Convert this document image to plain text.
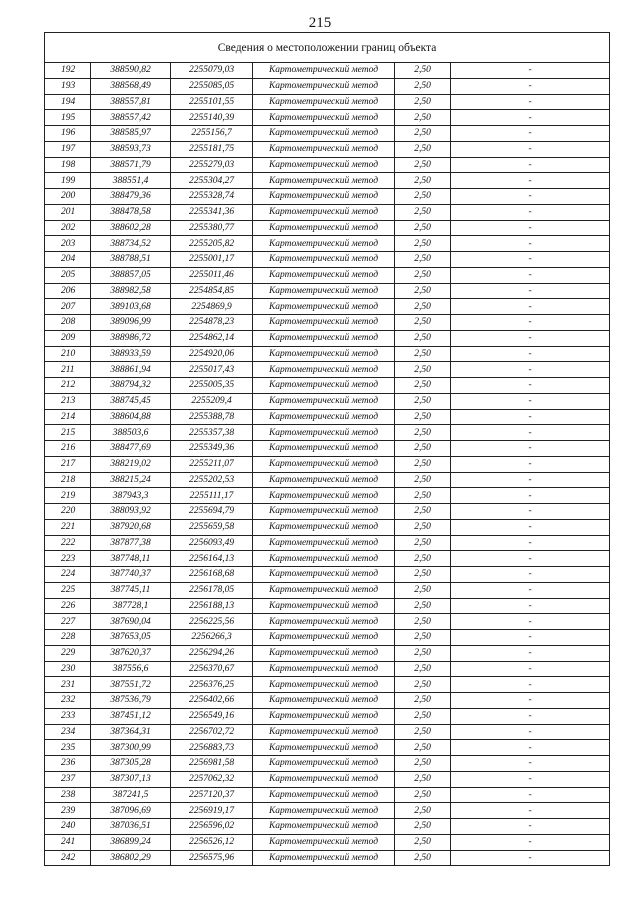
215
Сведения о местоположении границ объекта					
192	388590,82	2255079,03	Картометрический метод	2,50	-
193	388568,49	2255085,05	Картометрический метод	2,50	-
194	388557,81	2255101,55	Картометрический метод	2,50	-
195	388557,42	2255140,39	Картометрический метод	2,50	-
196	388585,97	2255156,7	Картометрический метод	2,50	-
197	388593,73	2255181,75	Картометрический метод	2,50	-
198	388571,79	2255279,03	Картометрический метод	2,50	-
199	388551,4	2255304,27	Картометрический метод	2,50	-
200	388479,36	2255328,74	Картометрический метод	2,50	-
201	388478,58	2255341,36	Картометрический метод	2,50	-
202	388602,28	2255380,77	Картометрический метод	2,50	-
203	388734,52	2255205,82	Картометрический метод	2,50	-
204	388788,51	2255001,17	Картометрический метод	2,50	-
205	388857,05	2255011,46	Картометрический метод	2,50	-
206	388982,58	2254854,85	Картометрический метод	2,50	-
207	389103,68	2254869,9	Картометрический метод	2,50	-
208	389096,99	2254878,23	Картометрический метод	2,50	-
209	388986,72	2254862,14	Картометрический метод	2,50	-
210	388933,59	2254920,06	Картометрический метод	2,50	-
211	388861,94	2255017,43	Картометрический метод	2,50	-
212	388794,32	2255005,35	Картометрический метод	2,50	-
213	388745,45	2255209,4	Картометрический метод	2,50	-
214	388604,88	2255388,78	Картометрический метод	2,50	-
215	388503,6	2255357,38	Картометрический метод	2,50	-
216	388477,69	2255349,36	Картометрический метод	2,50	-
217	388219,02	2255211,07	Картометрический метод	2,50	-
218	388215,24	2255202,53	Картометрический метод	2,50	-
219	387943,3	2255111,17	Картометрический метод	2,50	-
220	388093,92	2255694,79	Картометрический метод	2,50	-
221	387920,68	2255659,58	Картометрический метод	2,50	-
222	387877,38	2256093,49	Картометрический метод	2,50	-
223	387748,11	2256164,13	Картометрический метод	2,50	-
224	387740,37	2256168,68	Картометрический метод	2,50	-
225	387745,11	2256178,05	Картометрический метод	2,50	-
226	387728,1	2256188,13	Картометрический метод	2,50	-
227	387690,04	2256225,56	Картометрический метод	2,50	-
228	387653,05	2256266,3	Картометрический метод	2,50	-
229	387620,37	2256294,26	Картометрический метод	2,50	-
230	387556,6	2256370,67	Картометрический метод	2,50	-
231	387551,72	2256376,25	Картометрический метод	2,50	-
232	387536,79	2256402,66	Картометрический метод	2,50	-
233	387451,12	2256549,16	Картометрический метод	2,50	-
234	387364,31	2256702,72	Картометрический метод	2,50	-
235	387300,99	2256883,73	Картометрический метод	2,50	-
236	387305,28	2256981,58	Картометрический метод	2,50	-
237	387307,13	2257062,32	Картометрический метод	2,50	-
238	387241,5	2257120,37	Картометрический метод	2,50	-
239	387096,69	2256919,17	Картометрический метод	2,50	-
240	387036,51	2256596,02	Картометрический метод	2,50	-
241	386899,24	2256526,12	Картометрический метод	2,50	-
242	386802,29	2256575,96	Картометрический метод	2,50	-
